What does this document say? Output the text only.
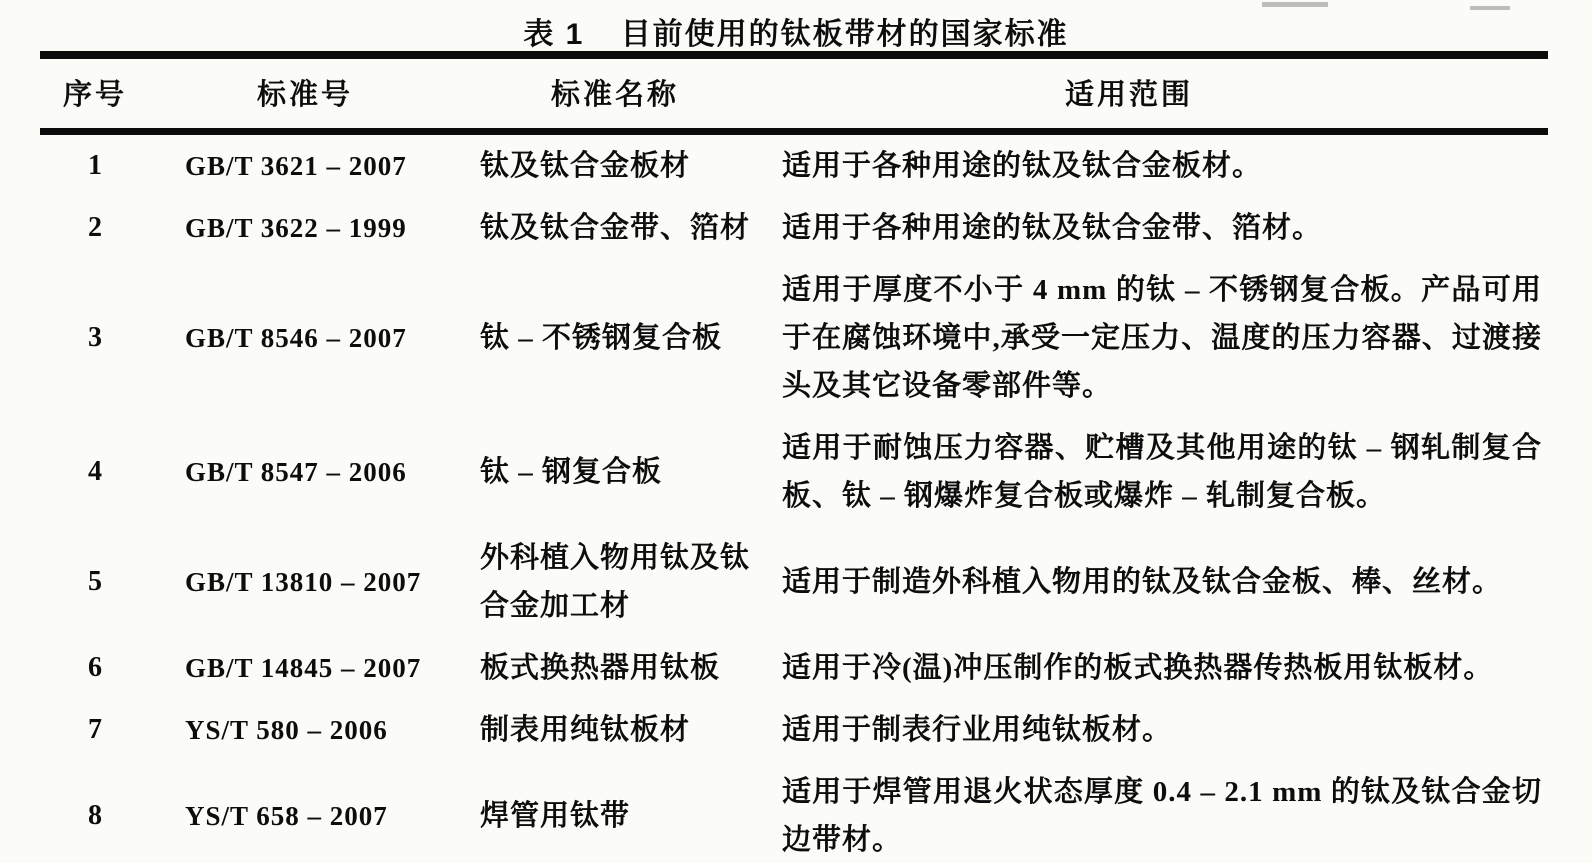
表 1 目前使用的钛板带材的国家标准
序号	标准号	标准名称	适用范围
1	GB/T 3621 – 2007	钛及钛合金板材	适用于各种用途的钛及钛合金板材。
2	GB/T 3622 – 1999	钛及钛合金带、箔材	适用于各种用途的钛及钛合金带、箔材。
3	GB/T 8546 – 2007	钛 – 不锈钢复合板	适用于厚度不小于 4 mm 的钛 – 不锈钢复合板。产品可用于在腐蚀环境中,承受一定压力、温度的压力容器、过渡接头及其它设备零部件等。
4	GB/T 8547 – 2006	钛 – 钢复合板	适用于耐蚀压力容器、贮槽及其他用途的钛 – 钢轧制复合板、钛 – 钢爆炸复合板或爆炸 – 轧制复合板。
5	GB/T 13810 – 2007	外科植入物用钛及钛合金加工材	适用于制造外科植入物用的钛及钛合金板、棒、丝材。
6	GB/T 14845 – 2007	板式换热器用钛板	适用于冷(温)冲压制作的板式换热器传热板用钛板材。
7	YS/T 580 – 2006	制表用纯钛板材	适用于制表行业用纯钛板材。
8	YS/T 658 – 2007	焊管用钛带	适用于焊管用退火状态厚度 0.4 – 2.1 mm 的钛及钛合金切边带材。
